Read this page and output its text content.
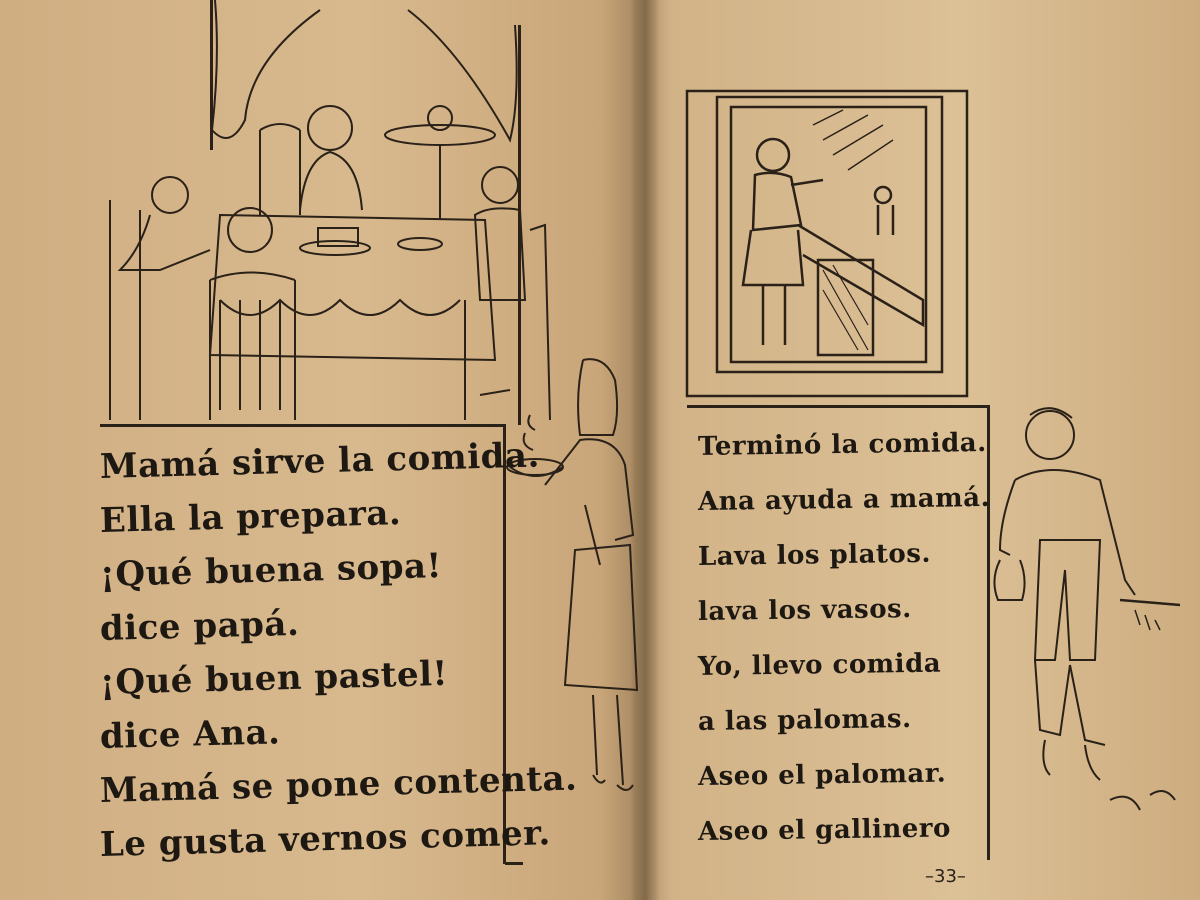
Mamá sirve la comida.
Ella la prepara.
¡Qué buena sopa!
dice papá.
¡Qué buen pastel!
dice Ana.
Mamá se pone contenta.
Le gusta vernos comer.
Terminó la comida.
Ana ayuda a mamá.
Lava los platos.
lava los vasos.
Yo, llevo comida
a las palomas.
Aseo el palomar.
Aseo el gallinero
–33–
